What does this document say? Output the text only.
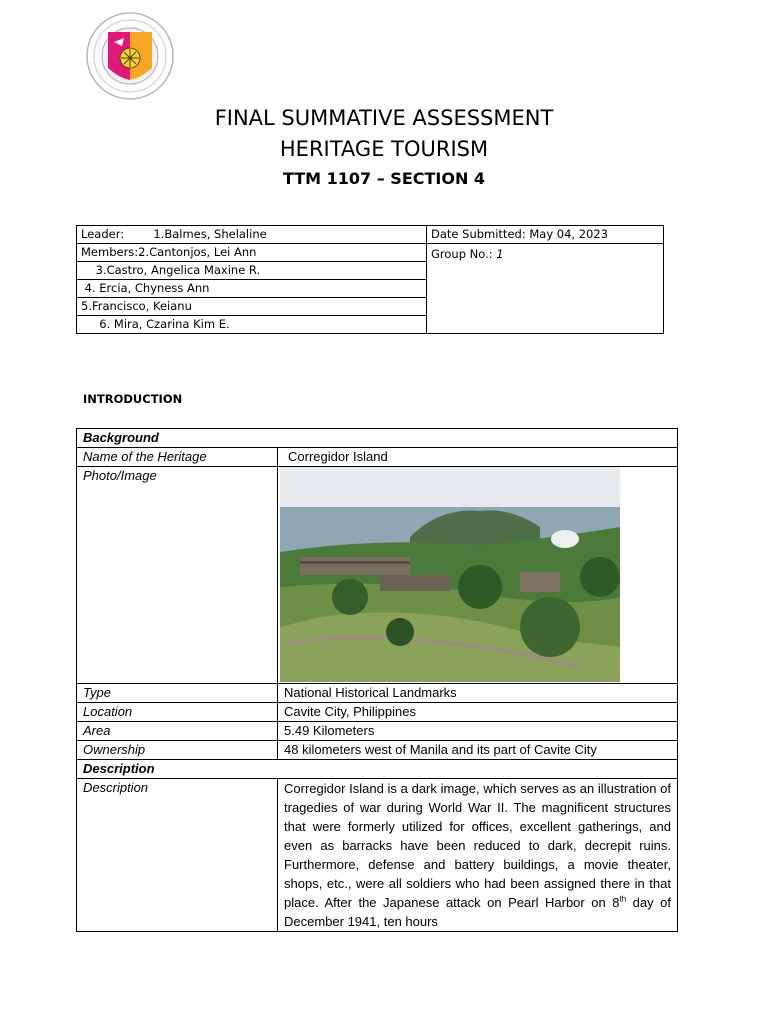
FINAL SUMMATIVE ASSESSMENT
HERITAGE TOURISM
TTM 1107 – SECTION 4
Leader:        1.Balmes, Shelaline	Date Submitted: May 04, 2023
Members:2.Cantonjos, Lei Ann	Group No.: 1
3.Castro, Angelica Maxine R.	
4. Ercia, Chyness Ann	
5.Francisco, Keianu	
6. Mira, Czarina Kim E.	
INTRODUCTION
Background	
Name of the Heritage	Corregidor Island
Photo/Image	

Type	National Historical Landmarks
Location	Cavite City, Philippines
Area	5.49 Kilometers
Ownership	48 kilometers west of Manila and its part of Cavite City
Description	
Description	Corregidor Island is a dark image, which serves as an illustration of tragedies of war during World War II. The magnificent structures that were formerly utilized for offices, excellent gatherings, and even as barracks have been reduced to dark, decrepit ruins. Furthermore, defense and battery buildings, a movie theater, shops, etc., were all soldiers who had been assigned there in that place. After the Japanese attack on Pearl Harbor on 8th day of December 1941, ten hours
